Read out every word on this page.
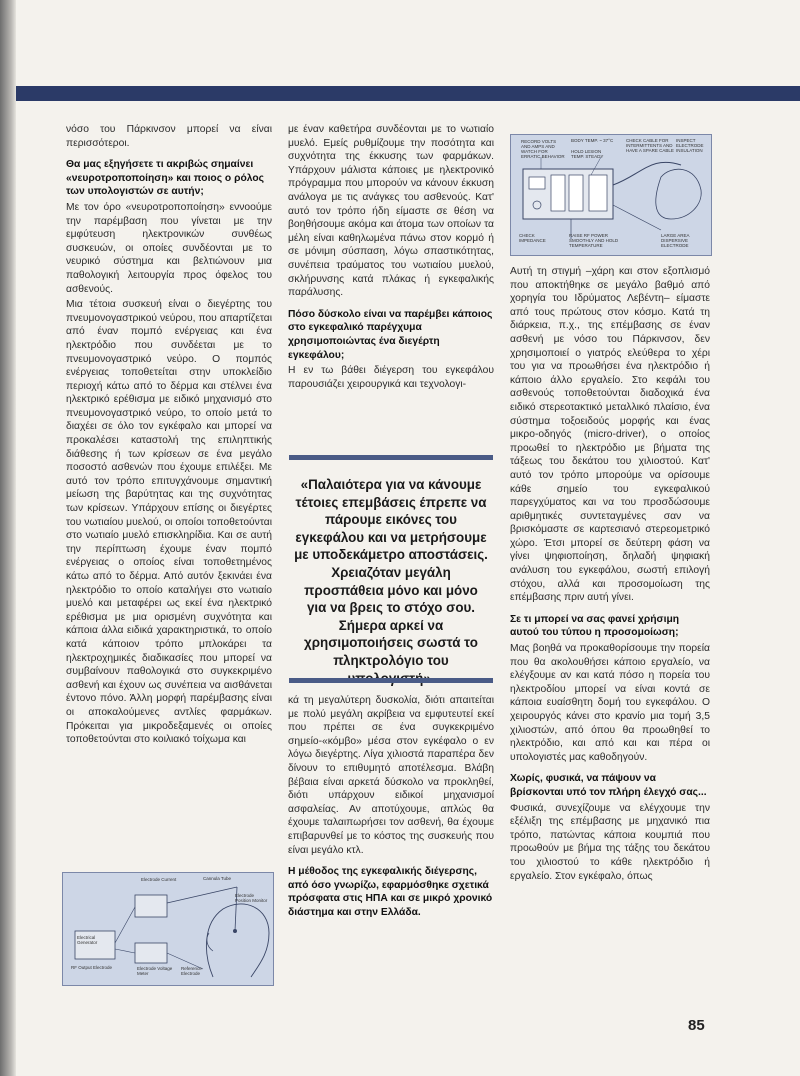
νόσο του Πάρκινσον μπορεί να είναι περισσότεροι.

Θα μας εξηγήσετε τι ακριβώς σημαίνει «νευροτροποποίηση» και ποιος ο ρόλος των υπολογιστών σε αυτήν;

Με τον όρο «νευροτροποποίηση» εννοούμε την παρέμβαση που γίνεται με την εμφύτευση ηλεκτρονικών συνθέως συσκευών, οι οποίες συνδέονται με το νευρικό σύστημα και βελτιώνουν μια παθολογική λειτουργία προς όφελος του ασθενούς.

Μια τέτοια συσκευή είναι ο διεγέρτης του πνευμονογαστρικού νεύρου, που απαρτίζεται από έναν πομπό ενέργειας και ένα ηλεκτρόδιο που συνδέεται με το πνευμονογαστρικό νεύρο. Ο πομπός ενέργειας τοποθετείται στην υποκλείδιο περιοχή κάτω από το δέρμα και στέλνει ένα ηλεκτρικό ερέθισμα με ειδικό μηχανισμό στο πνευμονογαστρικό νεύρο, το οποίο μετά το διαχέει σε όλο τον εγκέφαλο και μπορεί να προκαλέσει καταστολή της επιληπτικής διάθεσης ή των κρίσεων σε ένα μεγάλο ποσοστό ασθενών που έχουμε επιλέξει. Με αυτό τον τρόπο επιτυγχάνουμε σημαντική μείωση της βαρύτητας και της συχνότητας των κρίσεων. Υπάρχουν επίσης οι διεγέρτες του νωτιαίου μυελού, οι οποίοι τοποθετούνται στο νωτιαίο μυελό επισκληρίδια. Και σε αυτή την περίπτωση έχουμε έναν πομπό ενέργειας ο οποίος είναι τοποθετημένος κάτω από το δέρμα. Από αυτόν ξεκινάει ένα ηλεκτρόδιο το οποίο καταλήγει στο νωτιαίο μυελό και μεταφέρει ως εκεί ένα ηλεκτρικό ερέθισμα με μια ορισμένη συχνότητα και κάποια άλλα ειδικά χαρακτηριστικά, το οποίο κατά κάποιον τρόπο μπλοκάρει τα ηλεκτροχημικές διαδικασίες που μπορεί να συμβαίνουν παθολογικά στο συγκεκριμένο ασθενή και έχουν ως συνέπεια να αισθάνεται έντονο πόνο. Άλλη μορφή παρέμβασης είναι οι αποκαλούμενες αντλίες φαρμάκων. Πρόκειται για μικροδεξαμενές οι οποίες τοποθετούνται στο κοιλιακό τοίχωμα και

με έναν καθετήρα συνδέονται με το νωτιαίο μυελό. Εμείς ρυθμίζουμε την ποσότητα και συχνότητα της έκκυσης των φαρμάκων. Υπάρχουν μάλιστα κάποιες με ηλεκτρονικό πρόγραμμα που μπορούν να κάνουν έκκυση ανάλογα με τις ανάγκες του ασθενούς. Κατ' αυτό τον τρόπο ήδη είμαστε σε θέση να βοηθήσουμε ακόμα και άτομα των οποίων τα μέλη είναι καθηλωμένα πάνω στον κορμό ή σε μόνιμη σύσπαση, λόγω σπαστικότητας, συνέπεια τραύματος του νωτιαίου μυελού, σκλήρυνσης κατά πλάκας ή εγκεφαλικής παράλυσης.

Πόσο δύσκολο είναι να παρέμβει κάποιος στο εγκεφαλικό παρέγχυμα χρησιμοποιώντας ένα διεγέρτη εγκεφάλου;

Η εν τω βάθει διέγερση του εγκεφάλου παρουσιάζει χειρουργικά και τεχνολογι-

«Παλαιότερα για να κάνουμε τέτοιες επεμβάσεις έπρεπε να πάρουμε εικόνες του εγκεφάλου και να μετρήσουμε με υποδεκάμετρο αποστάσεις. Χρειαζόταν μεγάλη προσπάθεια μόνο και μόνο για να βρεις το στόχο σου. Σήμερα αρκεί να χρησιμοποιήσεις σωστά το πληκτρολόγιο του

κά τη μεγαλύτερη δυσκολία, διότι απαιτείται με πολύ μεγάλη ακρίβεια να εμφυτευτεί εκεί που πρέπει σε ένα συγκεκριμένο σημείο-«κόμβο» μέσα στον εγκέφαλο ο εν λόγω διεγέρτης. Λίγα χιλιοστά παραπέρα δεν δίνουν το επιθυμητό αποτέλεσμα. Βλάβη βέβαια είναι αρκετά δύσκολο να προκληθεί, διότι υπάρχουν ειδικοί μηχανισμοί ασφαλείας. Αν αποτύχουμε, απλώς θα έχουμε ταλαιπωρήσει τον ασθενή, θα έχουμε επιβαρυνθεί με το κόστος της συσκευής που είναι μεγάλο κτλ.

Η μέθοδος της εγκεφαλικής διέγερσης, από όσο γνωρίζω, εφαρμόσθηκε σχετικά πρόσφατα στις ΗΠΑ και σε μικρό χρονικό διάστημα και στην Ελλάδα.

Αυτή τη στιγμή –χάρη και στον εξοπλισμό που αποκτήθηκε σε μεγάλο βαθμό από χορηγία του Ιδρύματος Λεβέντη– είμαστε από τους πρώτους στον κόσμο. Κατά τη διάρκεια, π.χ., της επέμβασης σε έναν ασθενή με νόσο του Πάρκινσον, δεν χρησιμοποιεί ο γιατρός ελεύθερα το χέρι του για να προωθήσει ένα ηλεκτρόδιο ή κάποιο άλλο εργαλείο. Στο κεφάλι του ασθενούς τοποθετούνται διαδοχικά ένα ειδικό στερεοτακτικό μεταλλικό πλαίσιο, ένα σύστημα τοξοειδούς μορφής και ένας μικρο-οδηγός (micro-driver), ο οποίος προωθεί το ηλεκτρόδιο με βήματα της τάξεως του δεκάτου του χιλιοστού. Κατ' αυτό τον τρόπο μπορούμε να ορίσουμε κάθε σημείο του εγκεφαλικού παρεγχύματος και να του προσδώσουμε αριθμητικές συντεταγμένες σαν να βρισκόμαστε σε καρτεσιανό στερεομετρικό χώρο. Έτσι μπορεί σε δεύτερη φάση να γίνει ψηφιοποίηση, δηλαδή ψηφιακή ανάλυση του εγκεφάλου, σωστή επιλογή στόχου, αλλά και προσομοίωση της επέμβασης πριν αυτή γίνει.

Σε τι μπορεί να σας φανεί χρήσιμη αυτού του τύπου η προσομοίωση;

Μας βοηθά να προκαθορίσουμε την πορεία που θα ακολουθήσει κάποιο εργαλείο, να ελέγξουμε αν και κατά πόσο η πορεία του ηλεκτροδίου μπορεί να είναι κοντά σε κάποια ευαίσθητη δομή του εγκεφάλου. Ο χειρουργός κάνει στο κρανίο μια τομή 3,5 χιλιοστών, από όπου θα προωθηθεί το ηλεκτρόδιο, και από και και πέρα οι υπολογιστές μας καθοδηγούν.

Χωρίς, φυσικά, να πάψουν να βρίσκονται υπό τον πλήρη έλεγχό σας...

Φυσικά, συνεχίζουμε να ελέγχουμε την εξέλιξη της επέμβασης με μηχανικό πια τρόπο, πατώντας κάποια κουμπιά που προωθούν με βήμα της τάξης του δεκάτου του χιλιοστού το κάθε ηλεκτρόδιο ή εργαλείο. Στον εγκέφαλο, όπως

RECORD VOLTS AND AMPS AND WATCH FOR ERRATIC BEHAVIOR
BODY TEMP. ~ 37°C
HOLD LESION TEMP. STEADY
CHECK CABLE FOR INTERMITTENTS AND HAVE A SPARE CABLE
INSPECT ELECTRODE INSULATION
CHECK IMPEDANCE
RAISE RF POWER SMOOTHLY AND HOLD TEMPERATURE
LARGE AREA DISPERSIVE ELECTRODE
Cannula Tube
Electrode Current
Electrode Position Monitor
Electrical Generator
RF Output Electrode	Electrode Voltage Meter
Reference Electrode
85
